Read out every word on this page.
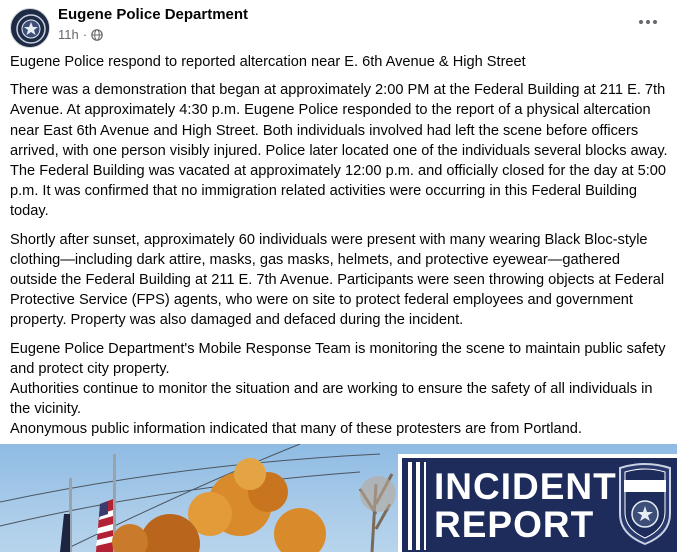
Eugene Police Department
11h ·

Eugene Police respond to reported altercation near E. 6th Avenue & High Street

There was a demonstration that began at approximately 2:00 PM at the Federal Building at 211 E. 7th Avenue. At approximately 4:30 p.m. Eugene Police responded to the report of a physical altercation near East 6th Avenue and High Street. Both individuals involved had left the scene before officers arrived, with one person visibly injured. Police later located one of the individuals several blocks away. The Federal Building was vacated at approximately 12:00 p.m. and officially closed for the day at 5:00 p.m. It was confirmed that no immigration related activities were occurring in this Federal Building today.

Shortly after sunset, approximately 60 individuals were present with many wearing Black Bloc-style clothing—including dark attire, masks, gas masks, helmets, and protective eyewear—gathered outside the Federal Building at 211 E. 7th Avenue. Participants were seen throwing objects at Federal Protective Service (FPS) agents, who were on site to protect federal employees and government property. Property was also damaged and defaced during the incident.

Eugene Police Department's Mobile Response Team is monitoring the scene to maintain public safety and protect city property.

Authorities continue to monitor the situation and are working to ensure the safety of all individuals in the vicinity.

Anonymous public information indicated that many of these protesters are from Portland.

INCIDENT
REPORT
